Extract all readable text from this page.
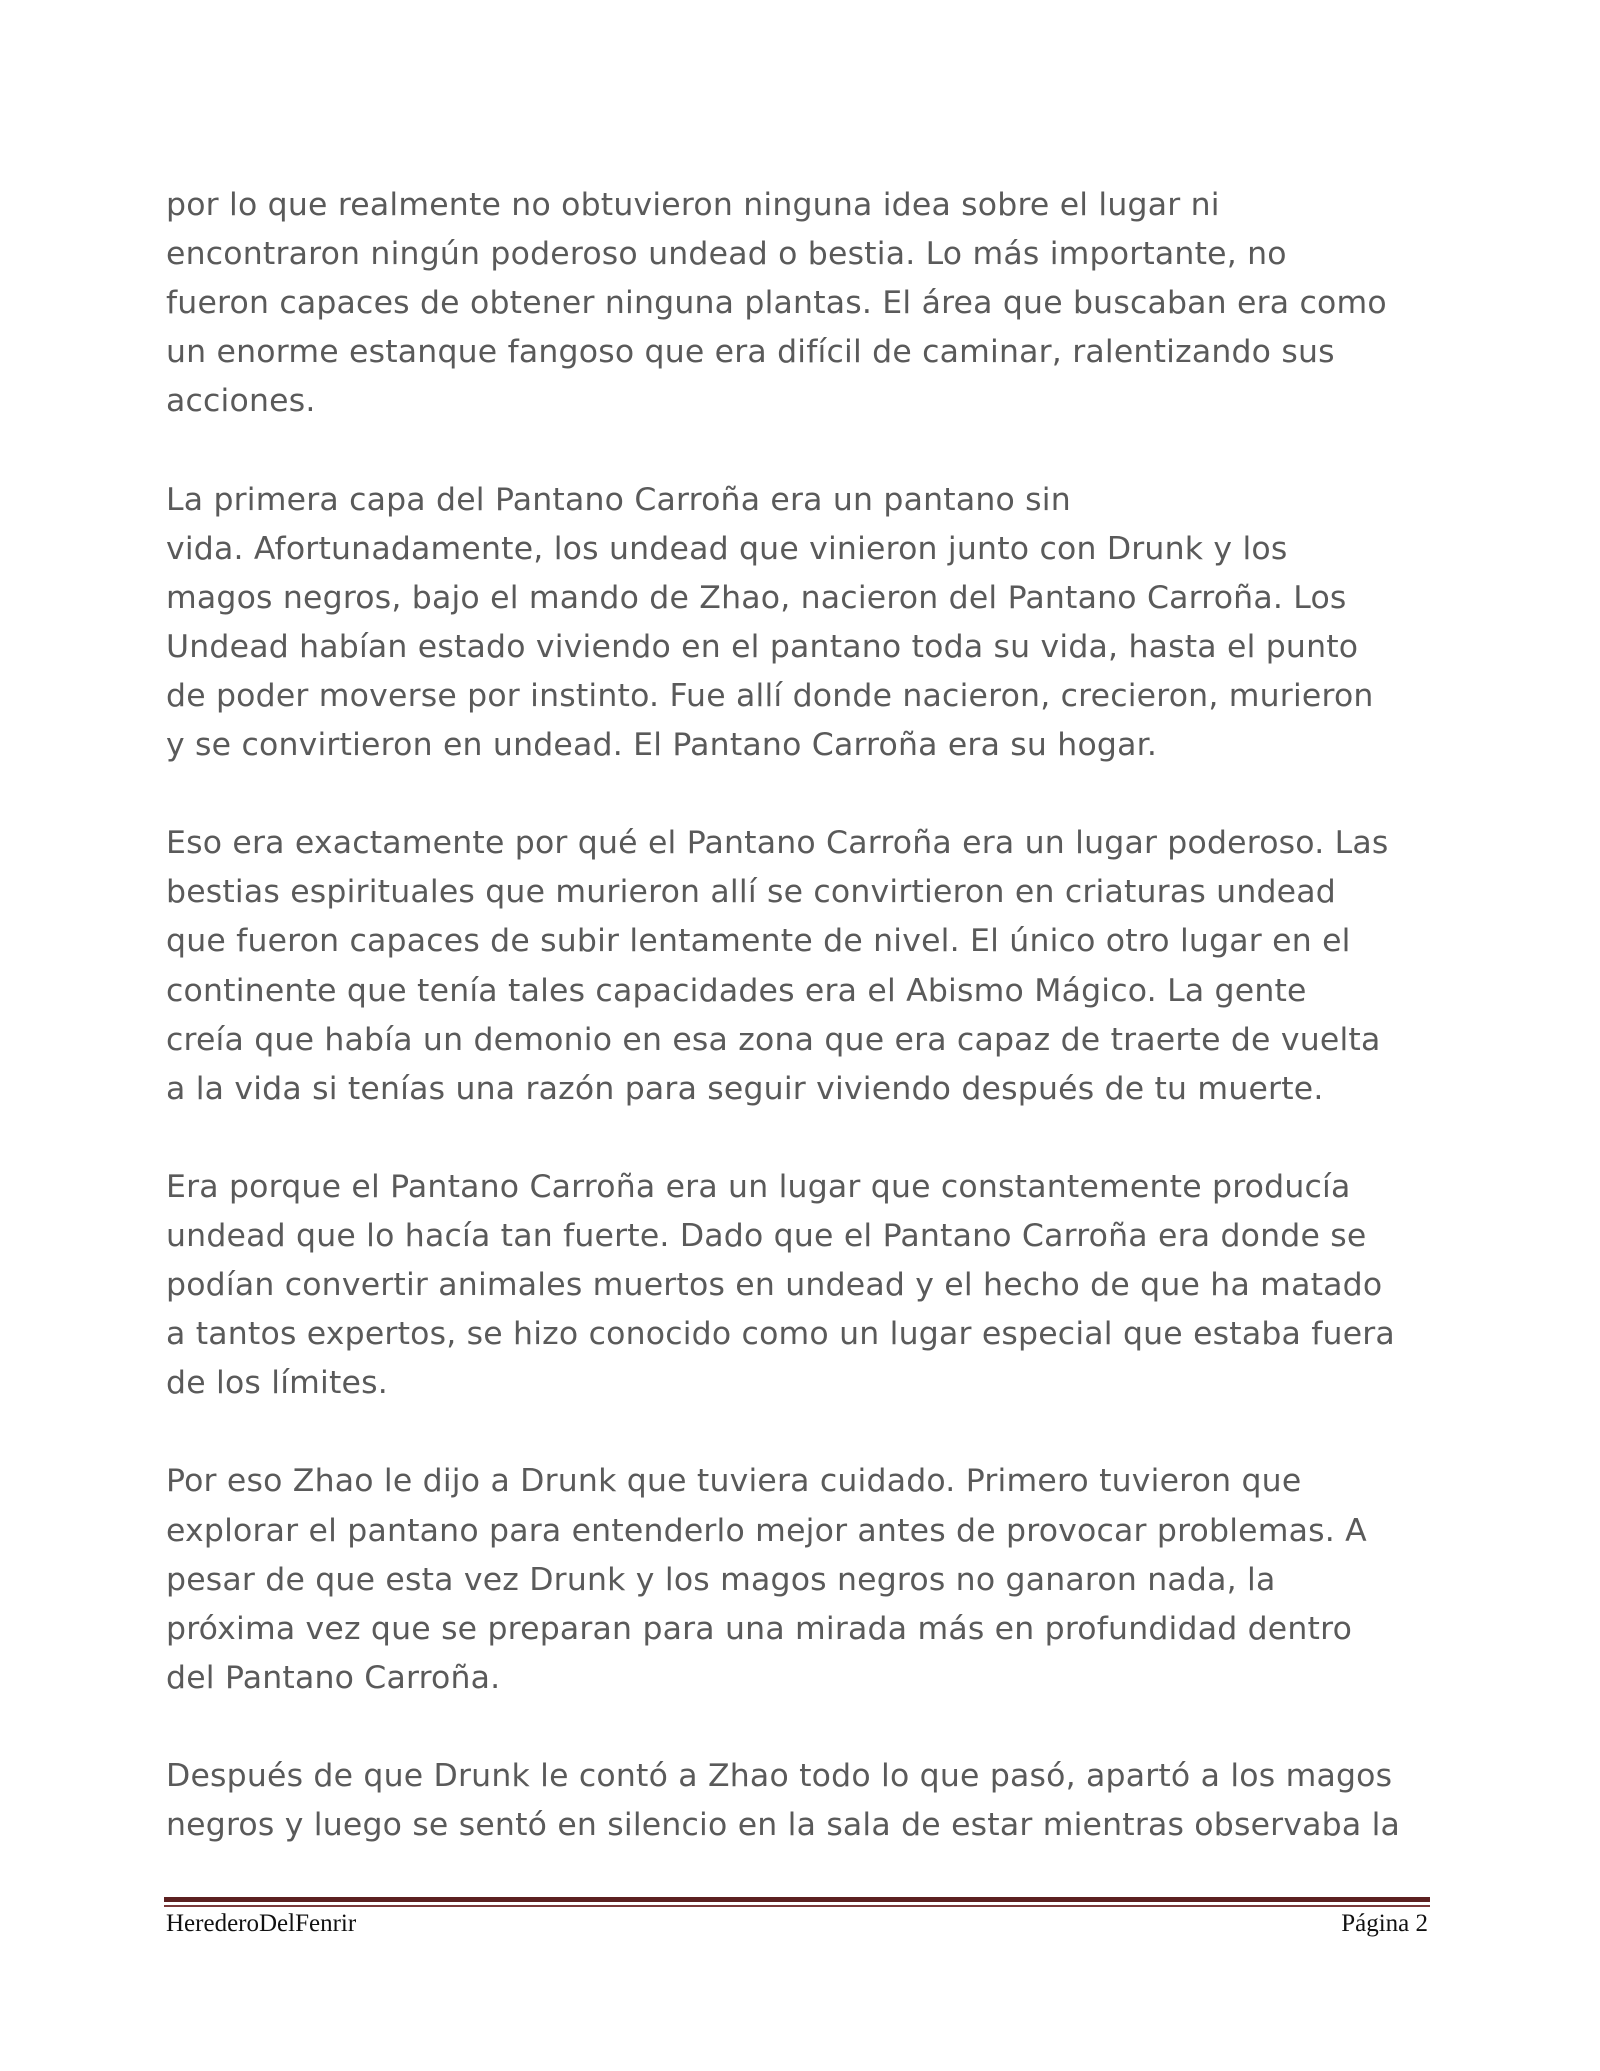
por lo que realmente no obtuvieron ninguna idea sobre el lugar ni
encontraron ningún poderoso undead o bestia. Lo más importante, no
fueron capaces de obtener ninguna plantas. El área que buscaban era como
un enorme estanque fangoso que era difícil de caminar, ralentizando sus
acciones.

La primera capa del Pantano Carroña era un pantano sin
vida. Afortunadamente, los undead que vinieron junto con Drunk y los
magos negros, bajo el mando de Zhao, nacieron del Pantano Carroña. Los
Undead habían estado viviendo en el pantano toda su vida, hasta el punto
de poder moverse por instinto. Fue allí donde nacieron, crecieron, murieron
y se convirtieron en undead. El Pantano Carroña era su hogar.

Eso era exactamente por qué el Pantano Carroña era un lugar poderoso. Las
bestias espirituales que murieron allí se convirtieron en criaturas undead
que fueron capaces de subir lentamente de nivel. El único otro lugar en el
continente que tenía tales capacidades era el Abismo Mágico. La gente
creía que había un demonio en esa zona que era capaz de traerte de vuelta
a la vida si tenías una razón para seguir viviendo después de tu muerte.

Era porque el Pantano Carroña era un lugar que constantemente producía
undead que lo hacía tan fuerte. Dado que el Pantano Carroña era donde se
podían convertir animales muertos en undead y el hecho de que ha matado
a tantos expertos, se hizo conocido como un lugar especial que estaba fuera
de los límites.

Por eso Zhao le dijo a Drunk que tuviera cuidado. Primero tuvieron que
explorar el pantano para entenderlo mejor antes de provocar problemas. A
pesar de que esta vez Drunk y los magos negros no ganaron nada, la
próxima vez que se preparan para una mirada más en profundidad dentro
del Pantano Carroña.

Después de que Drunk le contó a Zhao todo lo que pasó, apartó a los magos
negros y luego se sentó en silencio en la sala de estar mientras observaba la

HerederoDelFenrir	Página 2
